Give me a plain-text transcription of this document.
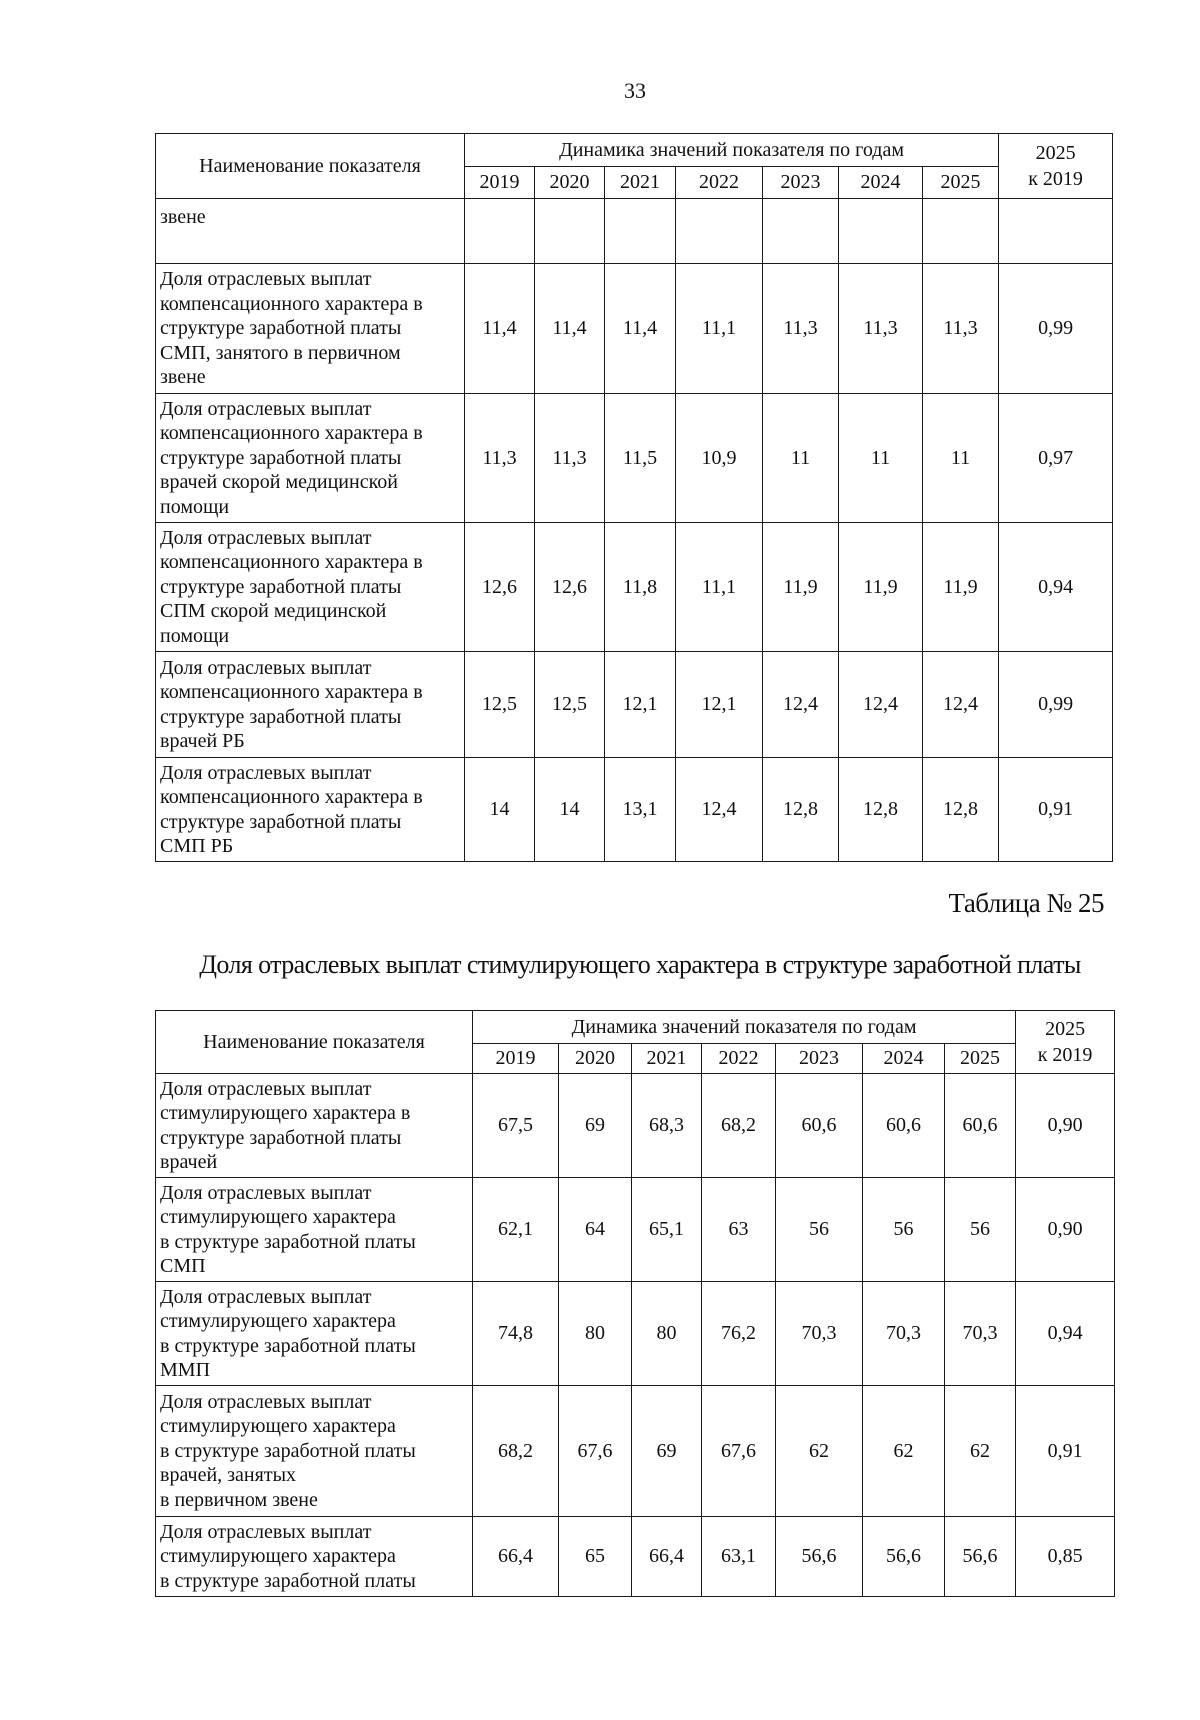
33
Наименование показателя	Динамика значений показателя по годам							2025
к 2019
	2019	2020	2021	2022	2023	2024	2025	
звене								
Доля отраслевых выплат
компенсационного характера в
структуре заработной платы
СМП, занятого в первичном
звене	11,4	11,4	11,4	11,1	11,3	11,3	11,3	0,99
Доля отраслевых выплат
компенсационного характера в
структуре заработной платы
врачей скорой медицинской
помощи	11,3	11,3	11,5	10,9	11	11	11	0,97
Доля отраслевых выплат
компенсационного характера в
структуре заработной платы
СПМ скорой медицинской
помощи	12,6	12,6	11,8	11,1	11,9	11,9	11,9	0,94
Доля отраслевых выплат
компенсационного характера в
структуре заработной платы
врачей РБ	12,5	12,5	12,1	12,1	12,4	12,4	12,4	0,99
Доля отраслевых выплат
компенсационного характера в
структуре заработной платы
СМП РБ	14	14	13,1	12,4	12,8	12,8	12,8	0,91
Таблица № 25
Доля отраслевых выплат стимулирующего характера в структуре заработной платы
Наименование показателя	Динамика значений показателя по годам							2025
к 2019
	2019	2020	2021	2022	2023	2024	2025	
Доля отраслевых выплат
стимулирующего характера в
структуре заработной платы
врачей	67,5	69	68,3	68,2	60,6	60,6	60,6	0,90
Доля отраслевых выплат
стимулирующего характера
в структуре заработной платы
СМП	62,1	64	65,1	63	56	56	56	0,90
Доля отраслевых выплат
стимулирующего характера
в структуре заработной платы
ММП	74,8	80	80	76,2	70,3	70,3	70,3	0,94
Доля отраслевых выплат
стимулирующего характера
в структуре заработной платы
врачей, занятых
в первичном звене	68,2	67,6	69	67,6	62	62	62	0,91
Доля отраслевых выплат
стимулирующего характера
в структуре заработной платы	66,4	65	66,4	63,1	56,6	56,6	56,6	0,85
